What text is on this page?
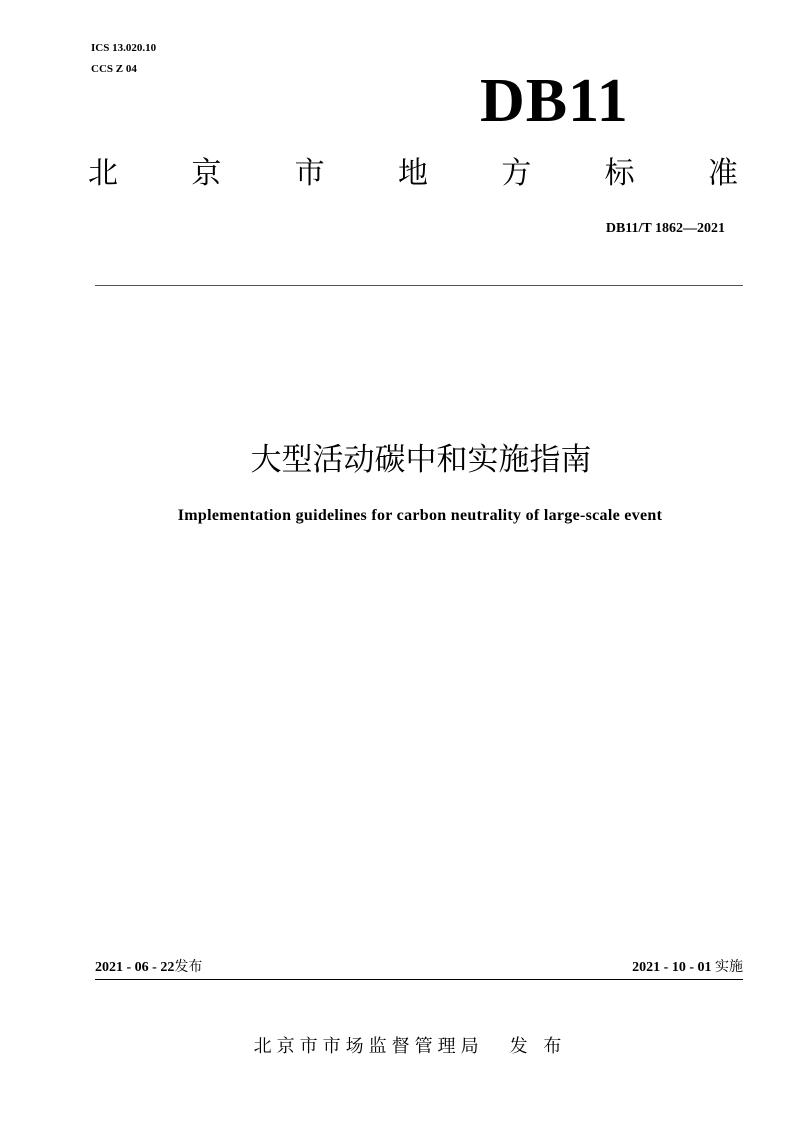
ICS 13.020.10
CCS Z 04	DB11
北 京 市 地 方 标 准
DB11/T 1862—2021
大型活动碳中和实施指南
Implementation guidelines for carbon neutrality of large-scale event
2021 - 06 - 22发布	2021 - 10 - 01 实施
北京市市场监督管理局 发 布
